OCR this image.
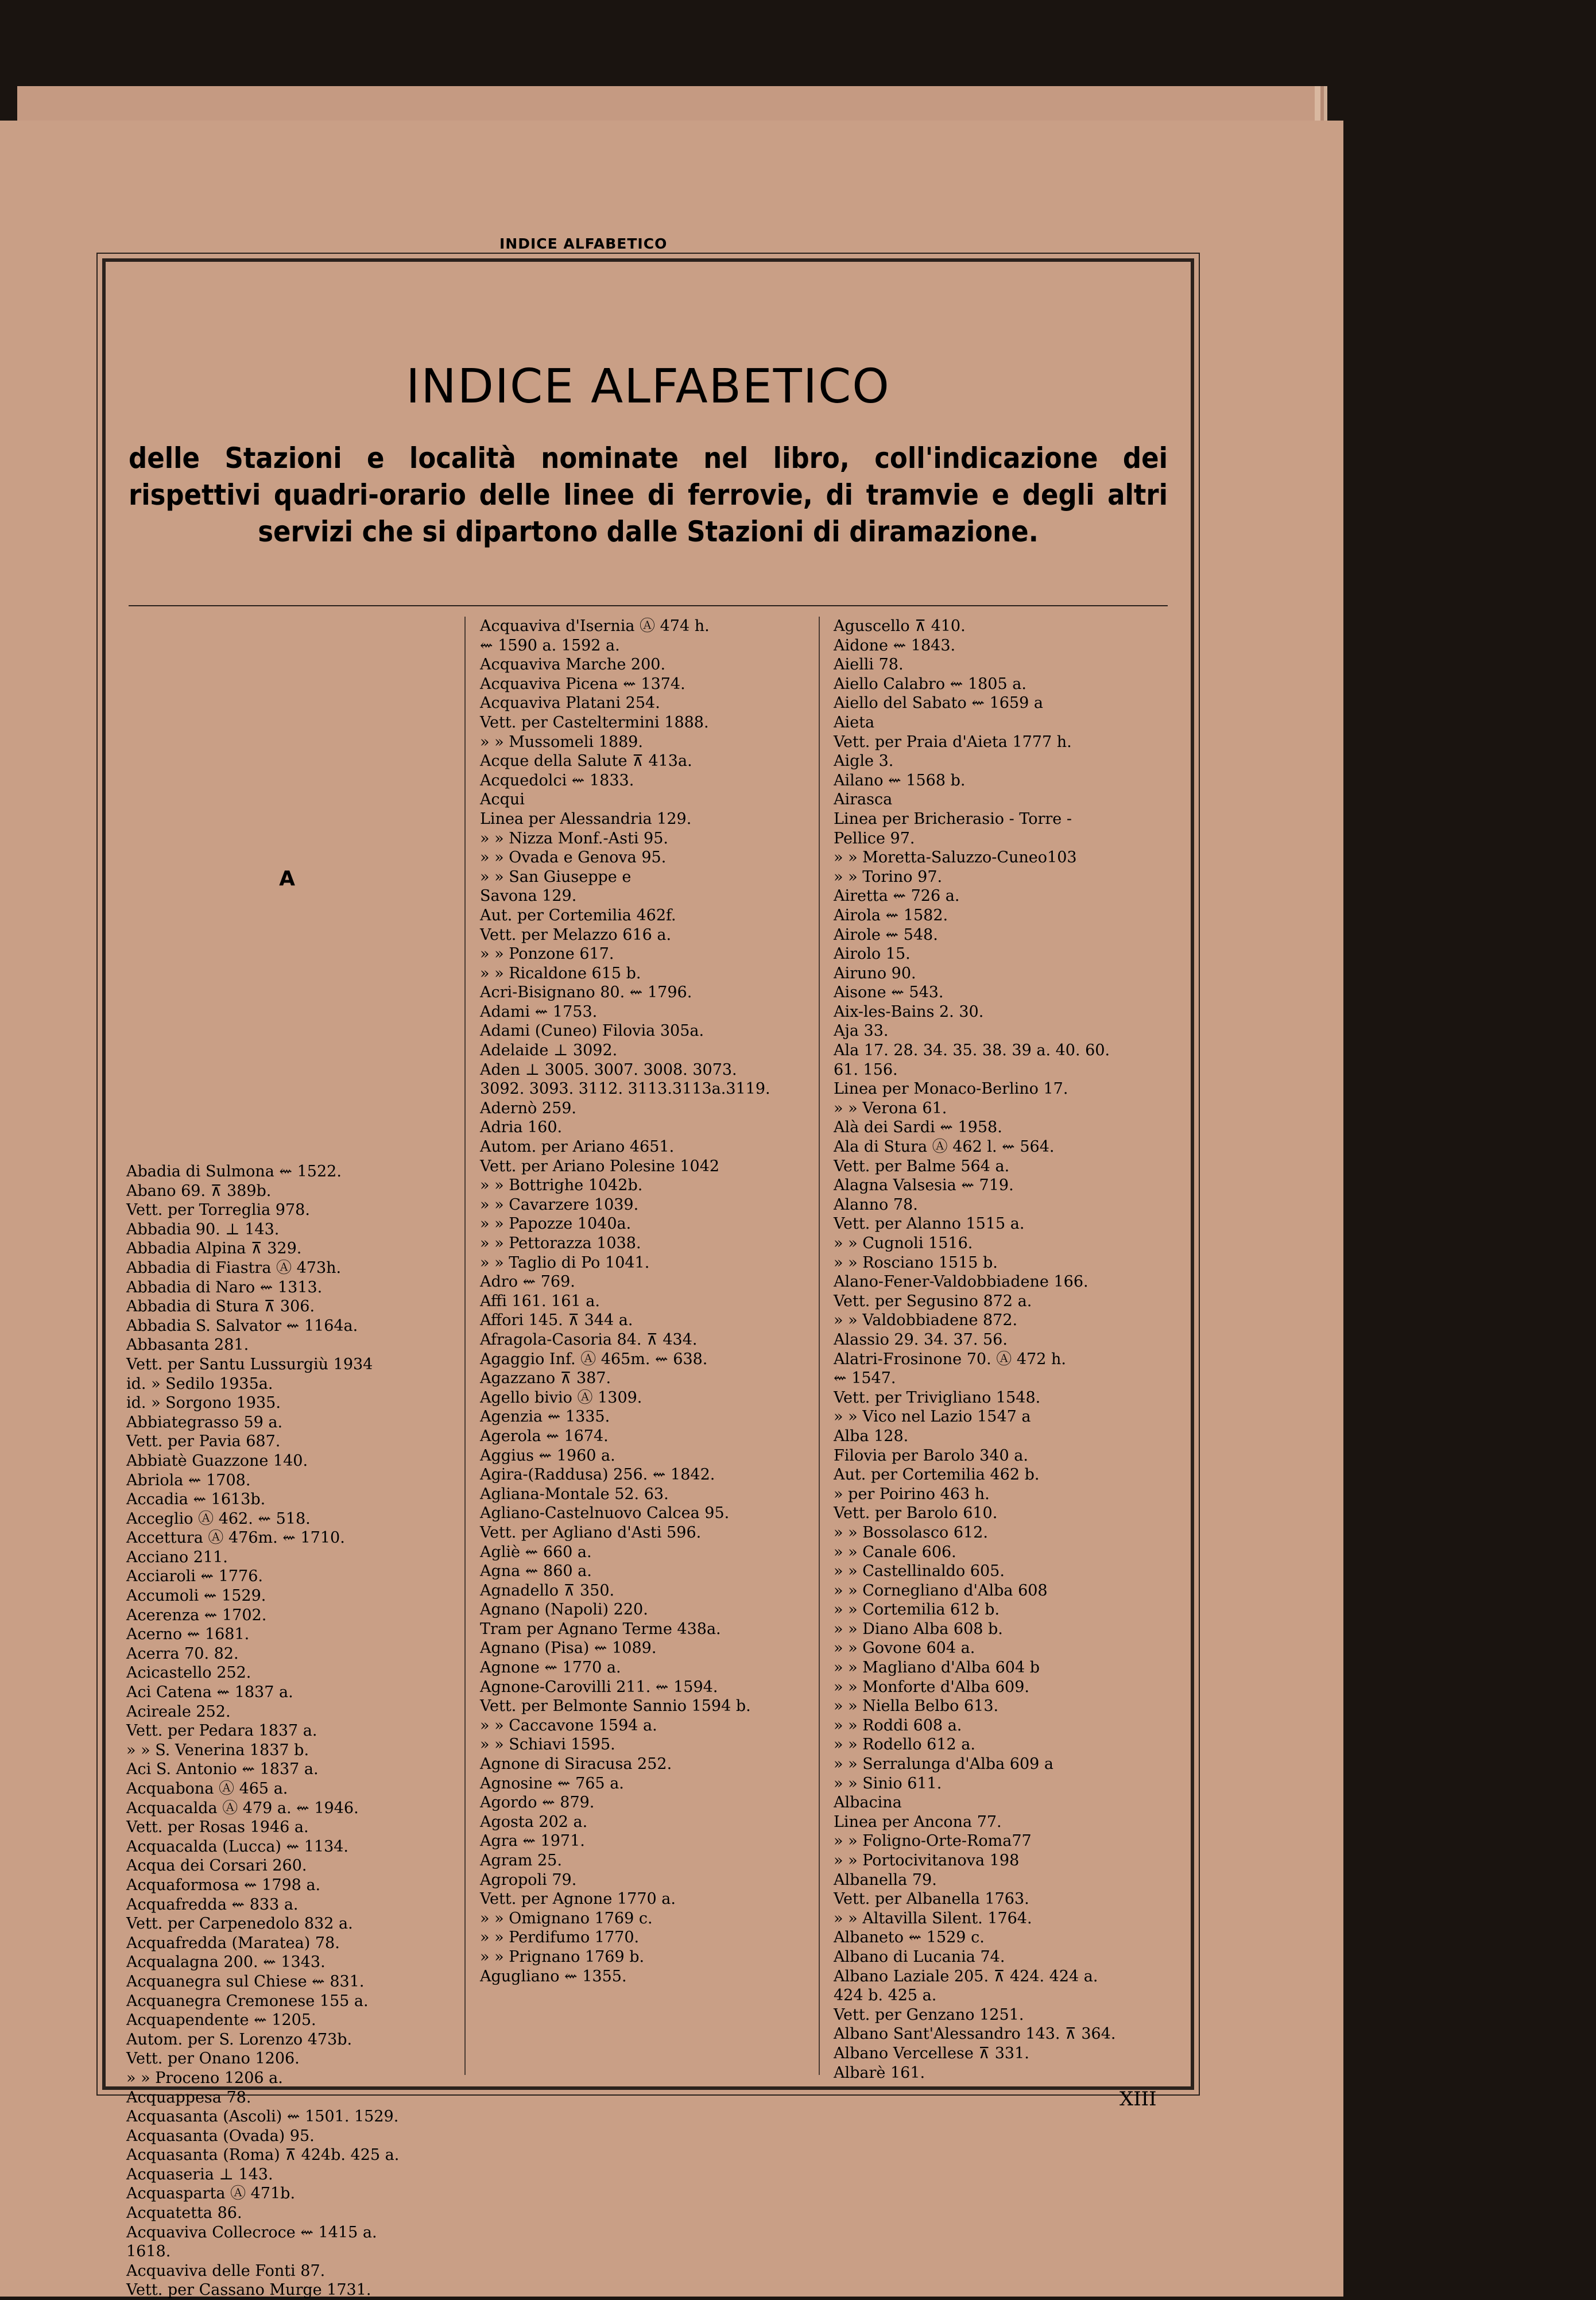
INDICE ALFABETICO
INDICE ALFABETICO
delle Stazioni e località nominate nel libro, coll'indicazione dei rispettivi quadri-orario delle linee di ferrovie, di tramvie e degli altri servizi che si dipartono dalle Stazioni di diramazione.
A
Abadia di Sulmona ⇜ 1522.
Abano 69. ⊼ 389b.
Vett. per Torreglia 978.
Abbadia 90. ⊥ 143.
Abbadia Alpina ⊼ 329.
Abbadia di Fiastra Ⓐ 473h.
Abbadia di Naro ⇜ 1313.
Abbadia di Stura ⊼ 306.
Abbadia S. Salvator ⇜ 1164a.
Abbasanta 281.
Vett. per Santu Lussurgiù 1934
id. » Sedilo 1935a.
id. » Sorgono 1935.
Abbiategrasso 59 a.
Vett. per Pavia 687.
Abbiatè Guazzone 140.
Abriola ⇜ 1708.
Accadia ⇜ 1613b.
Acceglio Ⓐ 462. ⇜ 518.
Accettura Ⓐ 476m. ⇜ 1710.
Acciano 211.
Acciaroli ⇜ 1776.
Accumoli ⇜ 1529.
Acerenza ⇜ 1702.
Acerno ⇜ 1681.
Acerra 70. 82.
Acicastello 252.
Aci Catena ⇜ 1837 a.
Acireale 252.
Vett. per Pedara 1837 a.
» » S. Venerina 1837 b.
Aci S. Antonio ⇜ 1837 a.
Acquabona Ⓐ 465 a.
Acquacalda Ⓐ 479 a. ⇜ 1946.
Vett. per Rosas 1946 a.
Acquacalda (Lucca) ⇜ 1134.
Acqua dei Corsari 260.
Acquaformosa ⇜ 1798 a.
Acquafredda ⇜ 833 a.
Vett. per Carpenedolo 832 a.
Acquafredda (Maratea) 78.
Acqualagna 200. ⇜ 1343.
Acquanegra sul Chiese ⇜ 831.
Acquanegra Cremonese 155 a.
Acquapendente ⇜ 1205.
Autom. per S. Lorenzo 473b.
Vett. per Onano 1206.
» » Proceno 1206 a.
Acquappesa 78.
Acquasanta (Ascoli) ⇜ 1501. 1529.
Acquasanta (Ovada) 95.
Acquasanta (Roma) ⊼ 424b. 425 a.
Acquaseria ⊥ 143.
Acquasparta Ⓐ 471b.
Acquatetta 86.
Acquaviva Collecroce ⇜ 1415 a.
1618.
Acquaviva delle Fonti 87.
Vett. per Cassano Murge 1731.
Acquaviva d'Isernia Ⓐ 474 h.
⇜ 1590 a. 1592 a.
Acquaviva Marche 200.
Acquaviva Picena ⇜ 1374.
Acquaviva Platani 254.
Vett. per Casteltermini 1888.
» » Mussomeli 1889.
Acque della Salute ⊼ 413a.
Acquedolci ⇜ 1833.
Acqui
Linea per Alessandria 129.
» » Nizza Monf.-Asti 95.
» » Ovada e Genova 95.
» » San Giuseppe e
Savona 129.
Aut. per Cortemilia 462f.
Vett. per Melazzo 616 a.
» » Ponzone 617.
» » Ricaldone 615 b.
Acri-Bisignano 80. ⇜ 1796.
Adami ⇜ 1753.
Adami (Cuneo) Filovia 305a.
Adelaide ⊥ 3092.
Aden ⊥ 3005. 3007. 3008. 3073.
3092. 3093. 3112. 3113.3113a.3119.
Adernò 259.
Adria 160.
Autom. per Ariano 4651.
Vett. per Ariano Polesine 1042
» » Bottrighe 1042b.
» » Cavarzere 1039.
» » Papozze 1040a.
» » Pettorazza 1038.
» » Taglio di Po 1041.
Adro ⇜ 769.
Affi 161. 161 a.
Affori 145. ⊼ 344 a.
Afragola-Casoria 84. ⊼ 434.
Agaggio Inf. Ⓐ 465m. ⇜ 638.
Agazzano ⊼ 387.
Agello bivio Ⓐ 1309.
Agenzia ⇜ 1335.
Agerola ⇜ 1674.
Aggius ⇜ 1960 a.
Agira-(Raddusa) 256. ⇜ 1842.
Agliana-Montale 52. 63.
Agliano-Castelnuovo Calcea 95.
Vett. per Agliano d'Asti 596.
Agliè ⇜ 660 a.
Agna ⇜ 860 a.
Agnadello ⊼ 350.
Agnano (Napoli) 220.
Tram per Agnano Terme 438a.
Agnano (Pisa) ⇜ 1089.
Agnone ⇜ 1770 a.
Agnone-Carovilli 211. ⇜ 1594.
Vett. per Belmonte Sannio 1594 b.
» » Caccavone 1594 a.
» » Schiavi 1595.
Agnone di Siracusa 252.
Agnosine ⇜ 765 a.
Agordo ⇜ 879.
Agosta 202 a.
Agra ⇜ 1971.
Agram 25.
Agropoli 79.
Vett. per Agnone 1770 a.
» » Omignano 1769 c.
» » Perdifumo 1770.
» » Prignano 1769 b.
Agugliano ⇜ 1355.
Aguscello ⊼ 410.
Aidone ⇜ 1843.
Aielli 78.
Aiello Calabro ⇜ 1805 a.
Aiello del Sabato ⇜ 1659 a
Aieta
Vett. per Praia d'Aieta 1777 h.
Aigle 3.
Ailano ⇜ 1568 b.
Airasca
Linea per Bricherasio - Torre -
Pellice 97.
» » Moretta-Saluzzo-Cuneo103
» » Torino 97.
Airetta ⇜ 726 a.
Airola ⇜ 1582.
Airole ⇜ 548.
Airolo 15.
Airuno 90.
Aisone ⇜ 543.
Aix-les-Bains 2. 30.
Aja 33.
Ala 17. 28. 34. 35. 38. 39 a. 40. 60.
61. 156.
Linea per Monaco-Berlino 17.
» » Verona 61.
Alà dei Sardi ⇜ 1958.
Ala di Stura Ⓐ 462 l. ⇜ 564.
Vett. per Balme 564 a.
Alagna Valsesia ⇜ 719.
Alanno 78.
Vett. per Alanno 1515 a.
» » Cugnoli 1516.
» » Rosciano 1515 b.
Alano-Fener-Valdobbiadene 166.
Vett. per Segusino 872 a.
» » Valdobbiadene 872.
Alassio 29. 34. 37. 56.
Alatri-Frosinone 70. Ⓐ 472 h.
⇜ 1547.
Vett. per Trivigliano 1548.
» » Vico nel Lazio 1547 a
Alba 128.
Filovia per Barolo 340 a.
Aut. per Cortemilia 462 b.
» per Poirino 463 h.
Vett. per Barolo 610.
» » Bossolasco 612.
» » Canale 606.
» » Castellinaldo 605.
» » Cornegliano d'Alba 608
» » Cortemilia 612 b.
» » Diano Alba 608 b.
» » Govone 604 a.
» » Magliano d'Alba 604 b
» » Monforte d'Alba 609.
» » Niella Belbo 613.
» » Roddi 608 a.
» » Rodello 612 a.
» » Serralunga d'Alba 609 a
» » Sinio 611.
Albacina
Linea per Ancona 77.
» » Foligno-Orte-Roma77
» » Portocivitanova 198
Albanella 79.
Vett. per Albanella 1763.
» » Altavilla Silent. 1764.
Albaneto ⇜ 1529 c.
Albano di Lucania 74.
Albano Laziale 205. ⊼ 424. 424 a.
424 b. 425 a.
Vett. per Genzano 1251.
Albano Sant'Alessandro 143. ⊼ 364.
Albano Vercellese ⊼ 331.
Albarè 161.
XIII
